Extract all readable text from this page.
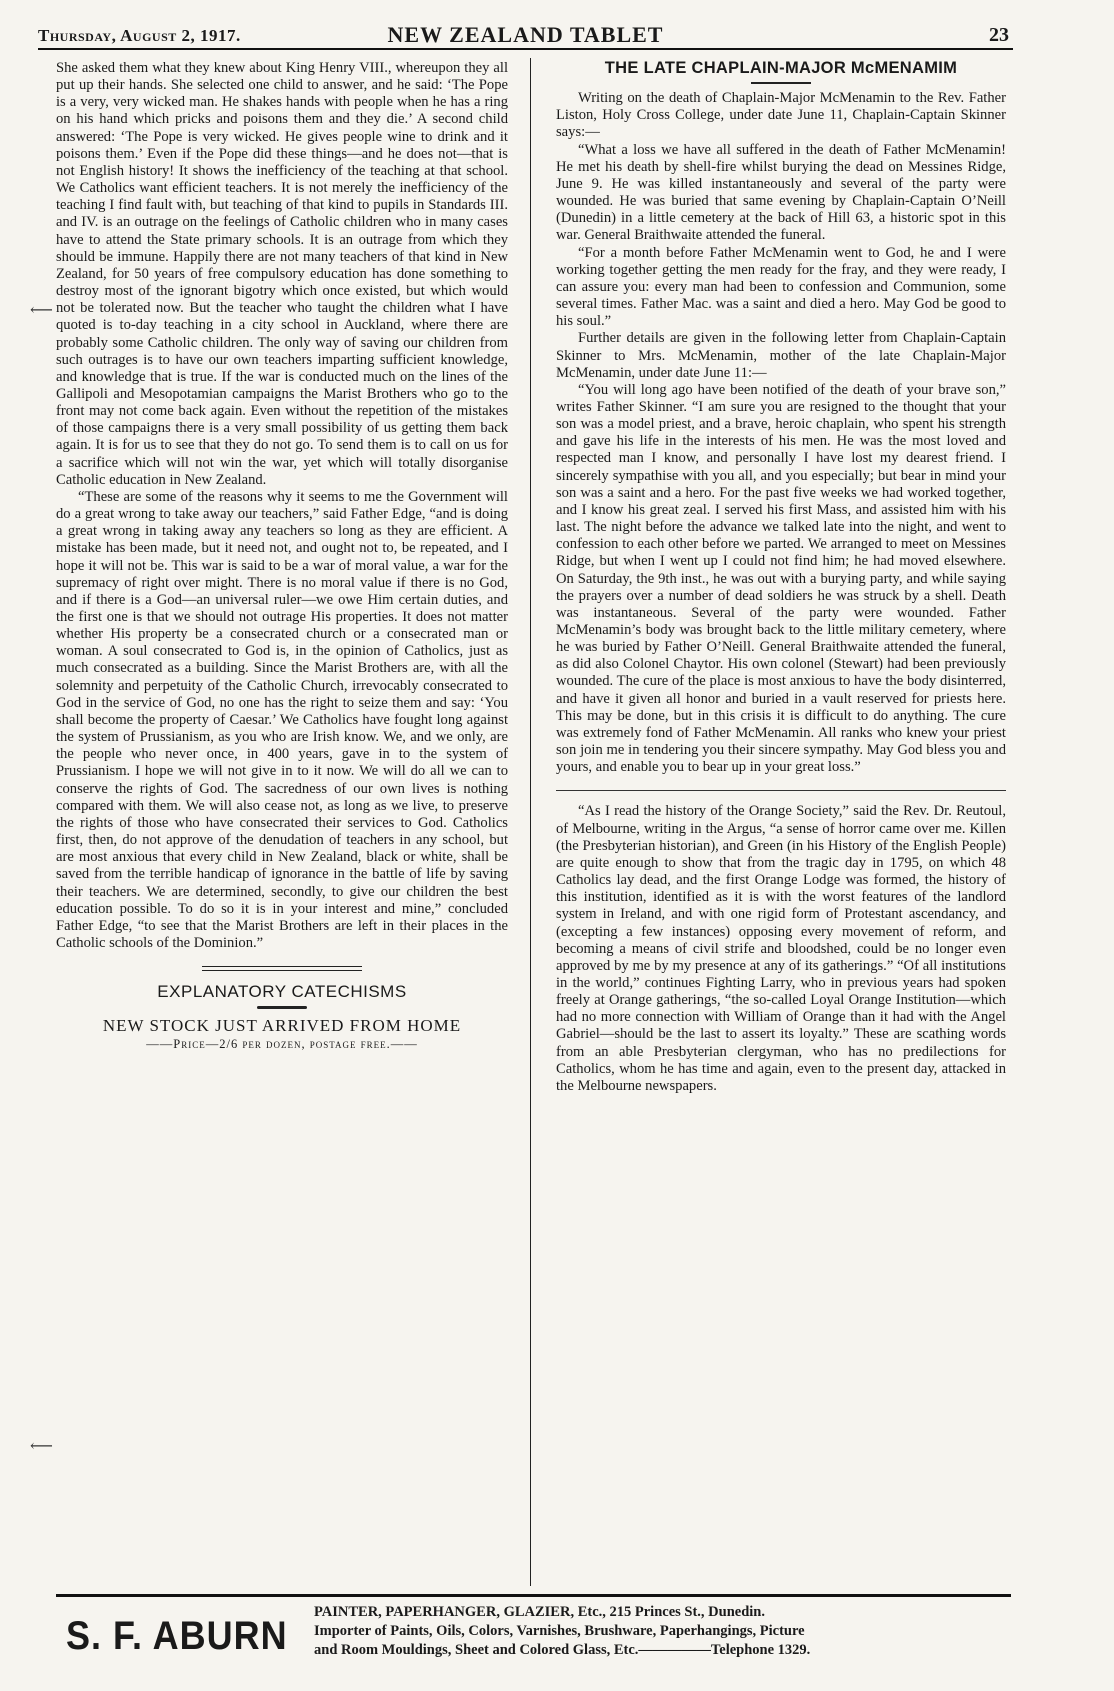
Thursday, August 2, 1917.	NEW ZEALAND TABLET	23
⟵
⟵

She asked them what they knew about King Henry VIII., whereupon they all put up their hands. She selected one child to answer, and he said: ‘The Pope is a very, very wicked man. He shakes hands with people when he has a ring on his hand which pricks and poisons them and they die.’ A second child answered: ‘The Pope is very wicked. He gives people wine to drink and it poisons them.’ Even if the Pope did these things—and he does not—that is not English history! It shows the inefficiency of the teaching at that school. We Catholics want efficient teachers. It is not merely the inefficiency of the teaching I find fault with, but teaching of that kind to pupils in Standards III. and IV. is an outrage on the feelings of Catholic children who in many cases have to attend the State primary schools. It is an outrage from which they should be immune. Happily there are not many teachers of that kind in New Zealand, for 50 years of free compulsory education has done something to destroy most of the ignorant bigotry which once existed, but which would not be tolerated now. But the teacher who taught the children what I have quoted is to-day teaching in a city school in Auckland, where there are probably some Catholic children. The only way of saving our children from such outrages is to have our own teachers imparting sufficient knowledge, and knowledge that is true. If the war is conducted much on the lines of the Gallipoli and Mesopotamian campaigns the Marist Brothers who go to the front may not come back again. Even without the repetition of the mistakes of those campaigns there is a very small possibility of us getting them back again. It is for us to see that they do not go. To send them is to call on us for a sacrifice which will not win the war, yet which will totally disorganise Catholic education in New Zealand.

“These are some of the reasons why it seems to me the Government will do a great wrong to take away our teachers,” said Father Edge, “and is doing a great wrong in taking away any teachers so long as they are efficient. A mistake has been made, but it need not, and ought not to, be repeated, and I hope it will not be. This war is said to be a war of moral value, a war for the supremacy of right over might. There is no moral value if there is no God, and if there is a God—an universal ruler—we owe Him certain duties, and the first one is that we should not outrage His properties. It does not matter whether His property be a consecrated church or a consecrated man or woman. A soul consecrated to God is, in the opinion of Catholics, just as much consecrated as a building. Since the Marist Brothers are, with all the solemnity and perpetuity of the Catholic Church, irrevocably consecrated to God in the service of God, no one has the right to seize them and say: ‘You shall become the property of Caesar.’ We Catholics have fought long against the system of Prussianism, as you who are Irish know. We, and we only, are the people who never once, in 400 years, gave in to the system of Prussianism. I hope we will not give in to it now. We will do all we can to conserve the rights of God. The sacredness of our own lives is nothing compared with them. We will also cease not, as long as we live, to preserve the rights of those who have consecrated their services to God. Catholics first, then, do not approve of the denudation of teachers in any school, but are most anxious that every child in New Zealand, black or white, shall be saved from the terrible handicap of ignorance in the battle of life by saving their teachers. We are determined, secondly, to give our children the best education possible. To do so it is in your interest and mine,” concluded Father Edge, “to see that the Marist Brothers are left in their places in the Catholic schools of the Dominion.”

EXPLANATORY CATECHISMS
NEW STOCK JUST ARRIVED FROM HOME
——Price—2/6 per dozen, postage free.——
THE LATE CHAPLAIN-MAJOR McMENAMIM

Writing on the death of Chaplain-Major McMenamin to the Rev. Father Liston, Holy Cross College, under date June 11, Chaplain-Captain Skinner says:—

“What a loss we have all suffered in the death of Father McMenamin! He met his death by shell-fire whilst burying the dead on Messines Ridge, June 9. He was killed instantaneously and several of the party were wounded. He was buried that same evening by Chaplain-Captain O’Neill (Dunedin) in a little cemetery at the back of Hill 63, a historic spot in this war. General Braithwaite attended the funeral.

“For a month before Father McMenamin went to God, he and I were working together getting the men ready for the fray, and they were ready, I can assure you: every man had been to confession and Communion, some several times. Father Mac. was a saint and died a hero. May God be good to his soul.”

Further details are given in the following letter from Chaplain-Captain Skinner to Mrs. McMenamin, mother of the late Chaplain-Major McMenamin, under date June 11:—

“You will long ago have been notified of the death of your brave son,” writes Father Skinner. “I am sure you are resigned to the thought that your son was a model priest, and a brave, heroic chaplain, who spent his strength and gave his life in the interests of his men. He was the most loved and respected man I know, and personally I have lost my dearest friend. I sincerely sympathise with you all, and you especially; but bear in mind your son was a saint and a hero. For the past five weeks we had worked together, and I know his great zeal. I served his first Mass, and assisted him with his last. The night before the advance we talked late into the night, and went to confession to each other before we parted. We arranged to meet on Messines Ridge, but when I went up I could not find him; he had moved elsewhere. On Saturday, the 9th inst., he was out with a burying party, and while saying the prayers over a number of dead soldiers he was struck by a shell. Death was instantaneous. Several of the party were wounded. Father McMenamin’s body was brought back to the little military cemetery, where he was buried by Father O’Neill. General Braithwaite attended the funeral, as did also Colonel Chaytor. His own colonel (Stewart) had been previously wounded. The cure of the place is most anxious to have the body disinterred, and have it given all honor and buried in a vault reserved for priests here. This may be done, but in this crisis it is difficult to do anything. The cure was extremely fond of Father McMenamin. All ranks who knew your priest son join me in tendering you their sincere sympathy. May God bless you and yours, and enable you to bear up in your great loss.”

“As I read the history of the Orange Society,” said the Rev. Dr. Reutoul, of Melbourne, writing in the Argus, “a sense of horror came over me. Killen (the Presbyterian historian), and Green (in his History of the English People) are quite enough to show that from the tragic day in 1795, on which 48 Catholics lay dead, and the first Orange Lodge was formed, the history of this institution, identified as it is with the worst features of the landlord system in Ireland, and with one rigid form of Protestant ascendancy, and (excepting a few instances) opposing every movement of reform, and becoming a means of civil strife and bloodshed, could be no longer even approved by me by my presence at any of its gatherings.” “Of all institutions in the world,” continues Fighting Larry, who in previous years had spoken freely at Orange gatherings, “the so-called Loyal Orange Institution—which had no more connection with William of Orange than it had with the Angel Gabriel—should be the last to assert its loyalty.” These are scathing words from an able Presbyterian clergyman, who has no predilections for Catholics, whom he has time and again, even to the present day, attacked in the Melbourne newspapers.

S. F. ABURN
PAINTER, PAPERHANGER, GLAZIER, Etc., 215 Princes St., Dunedin.
Importer of Paints, Oils, Colors, Varnishes, Brushware, Paperhangings, Picture
and Room Mouldings, Sheet and Colored Glass, Etc.—————Telephone 1329.
